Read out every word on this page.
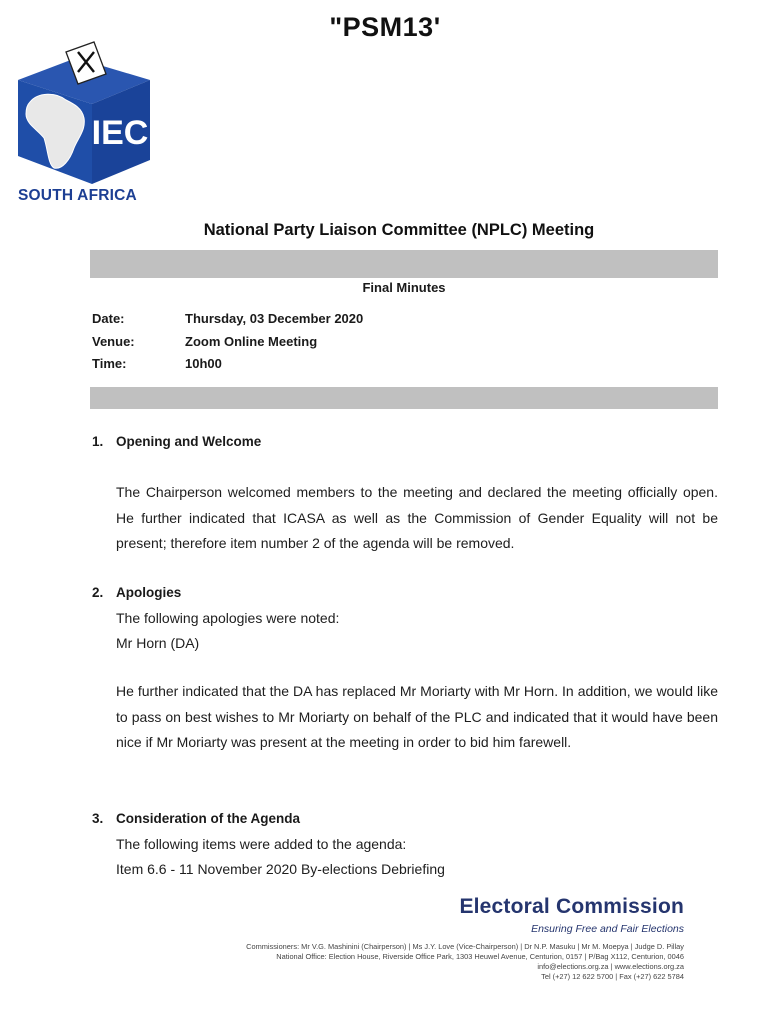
"PSM13'
IEC
SOUTH AFRICA
National Party Liaison Committee (NPLC) Meeting
Final Minutes
Date:	Thursday, 03 December 2020
Venue:	Zoom Online Meeting
Time:	10h00
1. Opening and Welcome
The Chairperson welcomed members to the meeting and declared the meeting officially open. He further indicated that ICASA as well as the Commission of Gender Equality will not be present; therefore item number 2 of the agenda will be removed.
2. Apologies
The following apologies were noted:
Mr Horn (DA)
He further indicated that the DA has replaced Mr Moriarty with Mr Horn. In addition, we would like to pass on best wishes to Mr Moriarty on behalf of the PLC and indicated that it would have been nice if Mr Moriarty was present at the meeting in order to bid him farewell.
3. Consideration of the Agenda
The following items were added to the agenda:
Item 6.6 - 11 November 2020 By-elections Debriefing
Electoral Commission
Ensuring Free and Fair Elections
Commissioners: Mr V.G. Mashinini (Chairperson) | Ms J.Y. Love (Vice-Chairperson) | Dr N.P. Masuku | Mr M. Moepya | Judge D. Pillay
National Office: Election House, Riverside Office Park, 1303 Heuwel Avenue, Centurion, 0157 | P/Bag X112, Centurion, 0046
info@elections.org.za | www.elections.org.za
Tel (+27) 12 622 5700 | Fax (+27) 622 5784
